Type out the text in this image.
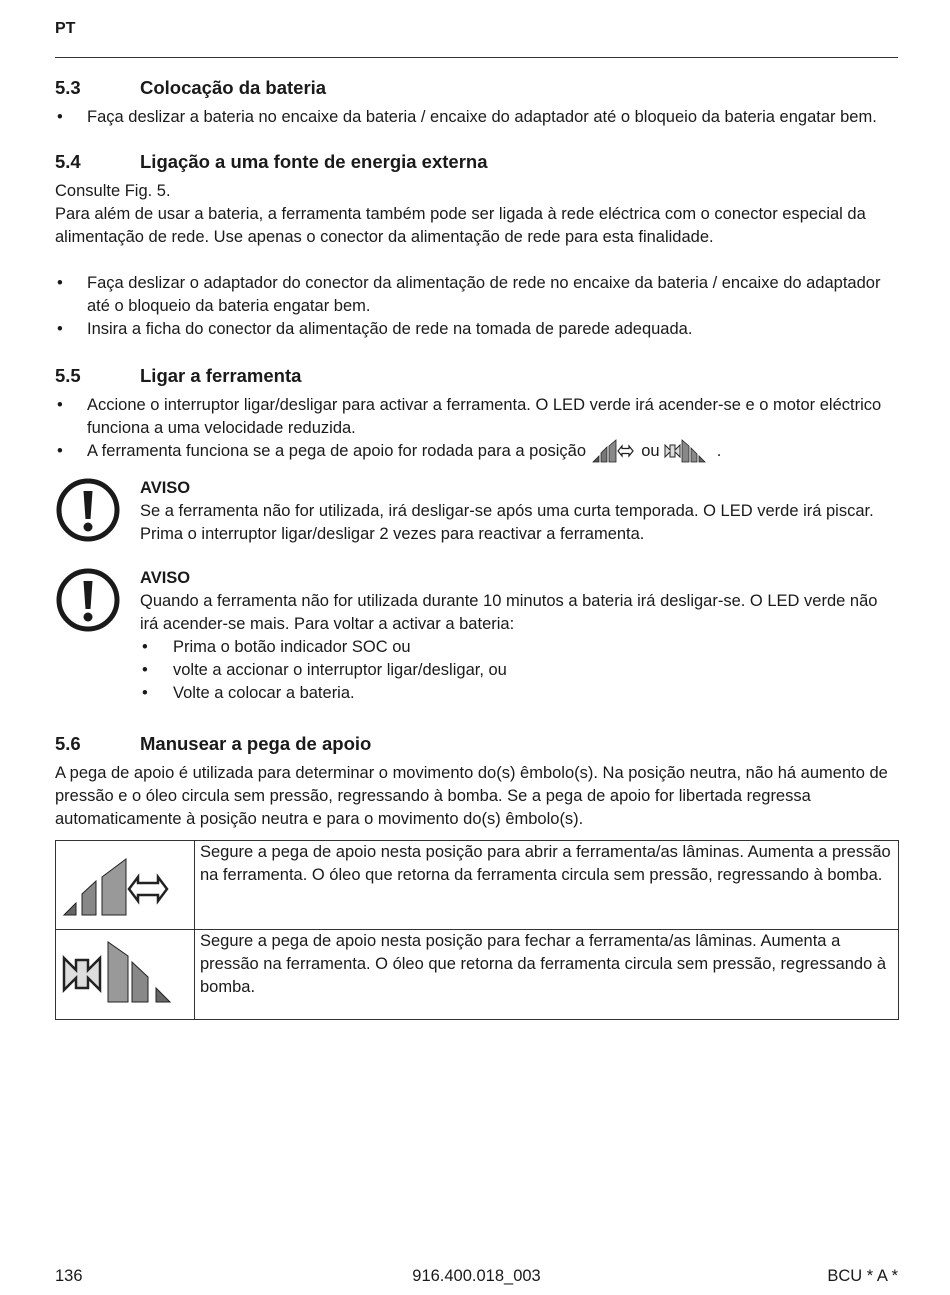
PT
5.3	Colocação da bateria
• Faça deslizar a bateria no encaixe da bateria / encaixe do adaptador até o bloqueio da bateria engatar bem.
5.4	Ligação a uma fonte de energia externa

Consulte Fig. 5.

Para além de usar a bateria, a ferramenta também pode ser ligada à rede eléctrica com o conector especial da alimentação de rede. Use apenas o conector da alimentação de rede para esta finalidade.

• Faça deslizar o adaptador do conector da alimentação de rede no encaixe da bateria / encaixe do adaptador até o bloqueio da bateria engatar bem.
• Insira a ficha do conector da alimentação de rede na tomada de parede adequada.
5.5	Ligar a ferramenta
• Accione o interruptor ligar/desligar para activar a ferramenta. O LED verde irá acender-se e o motor eléctrico funciona a uma velocidade reduzida.
• A ferramenta funciona se a pega de apoio for rodada para a posição	ou	.
AVISO

Se a ferramenta não for utilizada, irá desligar-se após uma curta temporada. O LED verde irá piscar. Prima o interruptor ligar/desligar 2 vezes para reactivar a ferramenta.

AVISO

Quando a ferramenta não for utilizada durante 10 minutos a bateria irá desligar-se. O LED verde não irá acender-se mais. Para voltar a activar a bateria:

• Prima o botão indicador SOC ou
• volte a accionar o interruptor ligar/desligar, ou
• Volte a colocar a bateria.
5.6	Manusear a pega de apoio

A pega de apoio é utilizada para determinar o movimento do(s) êmbolo(s). Na posição neutra, não há aumento de pressão e o óleo circula sem pressão, regressando à bomba. Se a pega de apoio for libertada regressa automaticamente à posição neutra e para o movimento do(s) êmbolo(s).

	Segure a pega de apoio nesta posição para abrir a ferramenta/as lâminas. Aumenta a pressão na ferramenta. O óleo que retorna da ferramenta circula sem pressão, regressando à bomba.
	Segure a pega de apoio nesta posição para fechar a ferramenta/as lâminas. Aumenta a pressão na ferramenta. O óleo que retorna da ferramenta circula sem pressão, regressando à bomba.
136	916.400.018_003	BCU * A *
